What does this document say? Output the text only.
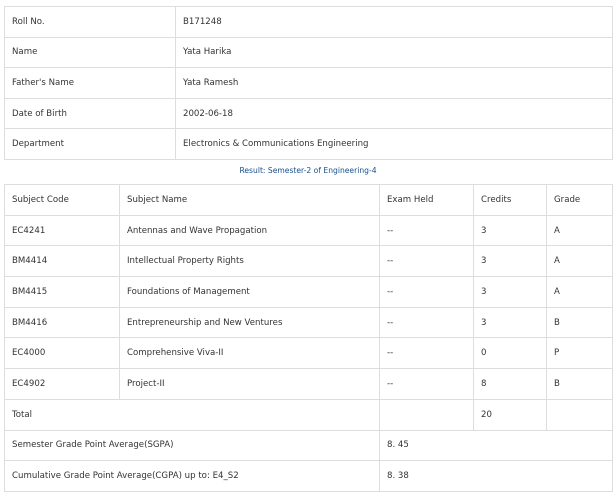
Roll No.	B171248
Name	Yata Harika
Father's Name	Yata Ramesh
Date of Birth	2002-06-18
Department	Electronics & Communications Engineering
Result: Semester-2 of Engineering-4
Subject Code	Subject Name	Exam Held	Credits	Grade
EC4241	Antennas and Wave Propagation	--	3	A
BM4414	Intellectual Property Rights	--	3	A
BM4415	Foundations of Management	--	3	A
BM4416	Entrepreneurship and New Ventures	--	3	B
EC4000	Comprehensive Viva-II	--	0	P
EC4902	Project-II	--	8	B
Total			20	
Semester Grade Point Average(SGPA)		8. 45		
Cumulative Grade Point Average(CGPA) up to: E4_S2		8. 38		
